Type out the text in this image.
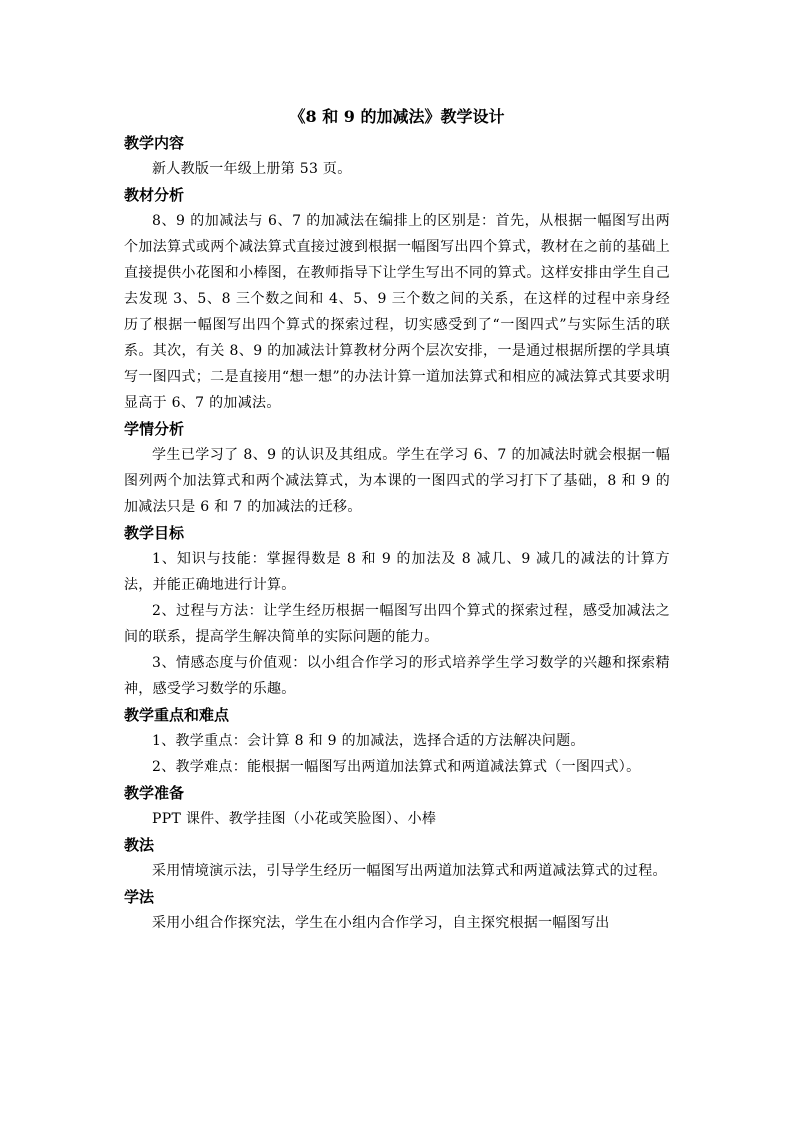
《8 和 9 的加减法》教学设计
教学内容

新人教版一年级上册第 53 页。

教材分析

8、9 的加减法与 6、7 的加减法在编排上的区别是：首先，从根据一幅图写出两个加法算式或两个减法算式直接过渡到根据一幅图写出四个算式，教材在之前的基础上直接提供小花图和小棒图，在教师指导下让学生写出不同的算式。这样安排由学生自己去发现 3、5、8 三个数之间和 4、5、9 三个数之间的关系，在这样的过程中亲身经历了根据一幅图写出四个算式的探索过程，切实感受到了“一图四式”与实际生活的联系。其次，有关 8、9 的加减法计算教材分两个层次安排，一是通过根据所摆的学具填写一图四式；二是直接用“想一想”的办法计算一道加法算式和相应的减法算式其要求明显高于 6、7 的加减法。

学情分析

学生已学习了 8、9 的认识及其组成。学生在学习 6、7 的加减法时就会根据一幅图列两个加法算式和两个减法算式，为本课的一图四式的学习打下了基础，8 和 9 的加减法只是 6 和 7 的加减法的迁移。

教学目标

1、知识与技能：掌握得数是 8 和 9 的加法及 8 减几、9 减几的减法的计算方法，并能正确地进行计算。

2、过程与方法：让学生经历根据一幅图写出四个算式的探索过程，感受加减法之间的联系，提高学生解决简单的实际问题的能力。

3、情感态度与价值观：以小组合作学习的形式培养学生学习数学的兴趣和探索精神，感受学习数学的乐趣。

教学重点和难点

1、教学重点：会计算 8 和 9 的加减法，选择合适的方法解决问题。

2、教学难点：能根据一幅图写出两道加法算式和两道减法算式（一图四式）。

教学准备

PPT 课件、教学挂图（小花或笑脸图）、小棒

教法

采用情境演示法，引导学生经历一幅图写出两道加法算式和两道减法算式的过程。

学法

采用小组合作探究法，学生在小组内合作学习，自主探究根据一幅图写出
